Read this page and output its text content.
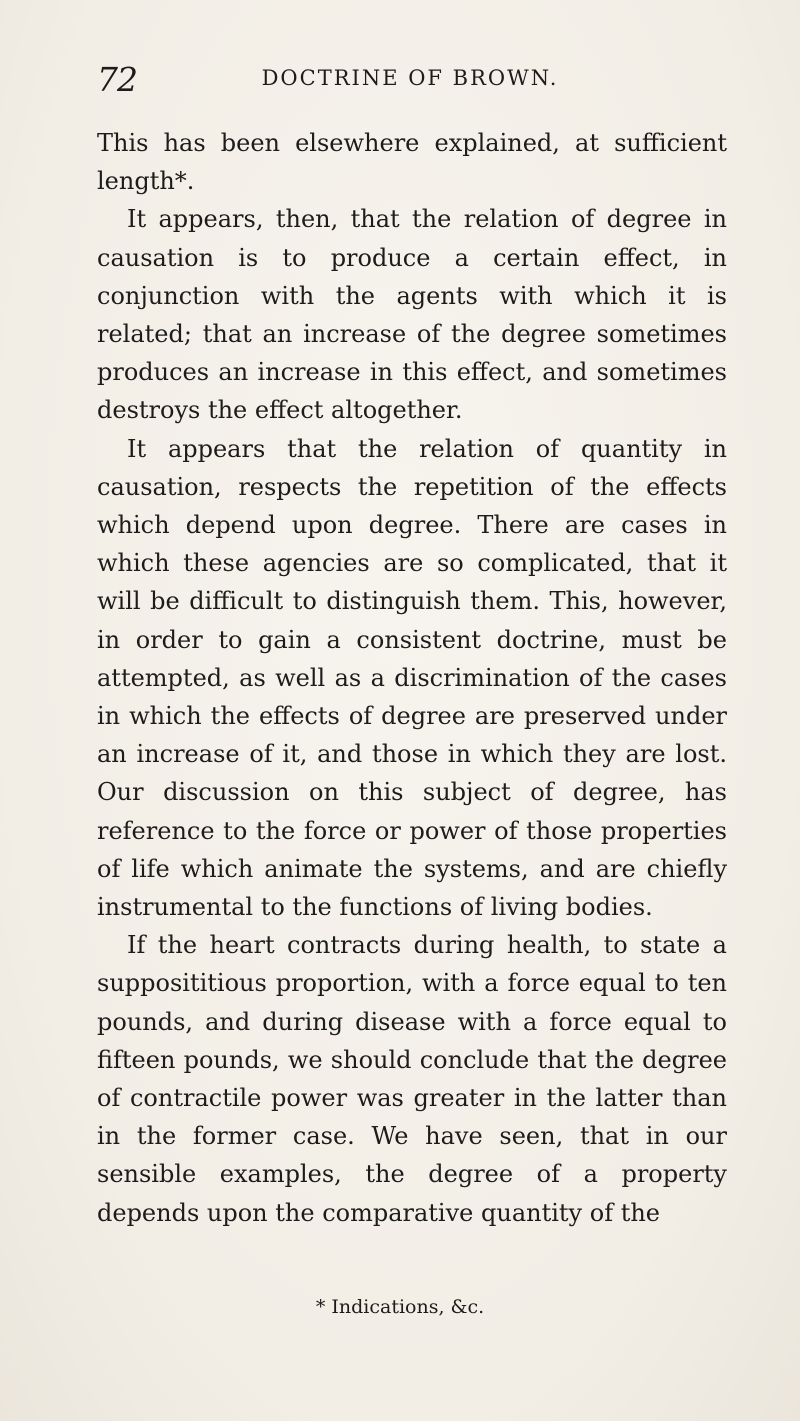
72	DOCTRINE OF BROWN.

This has been elsewhere explained, at sufficient length*.

It appears, then, that the relation of degree in causation is to produce a certain effect, in conjunction with the agents with which it is related; that an increase of the degree sometimes produces an increase in this effect, and sometimes destroys the effect altogether.

It appears that the relation of quantity in causation, respects the repetition of the effects which depend upon degree. There are cases in which these agencies are so complicated, that it will be difficult to distinguish them. This, however, in order to gain a consistent doctrine, must be attempted, as well as a discrimination of the cases in which the effects of degree are preserved under an increase of it, and those in which they are lost. Our discussion on this subject of degree, has reference to the force or power of those properties of life which animate the systems, and are chiefly instrumental to the functions of living bodies.

If the heart contracts during health, to state a supposititious proportion, with a force equal to ten pounds, and during disease with a force equal to fifteen pounds, we should conclude that the degree of contractile power was greater in the latter than in the former case. We have seen, that in our sensible examples, the degree of a property depends upon the comparative quantity of the

* Indications, &c.
